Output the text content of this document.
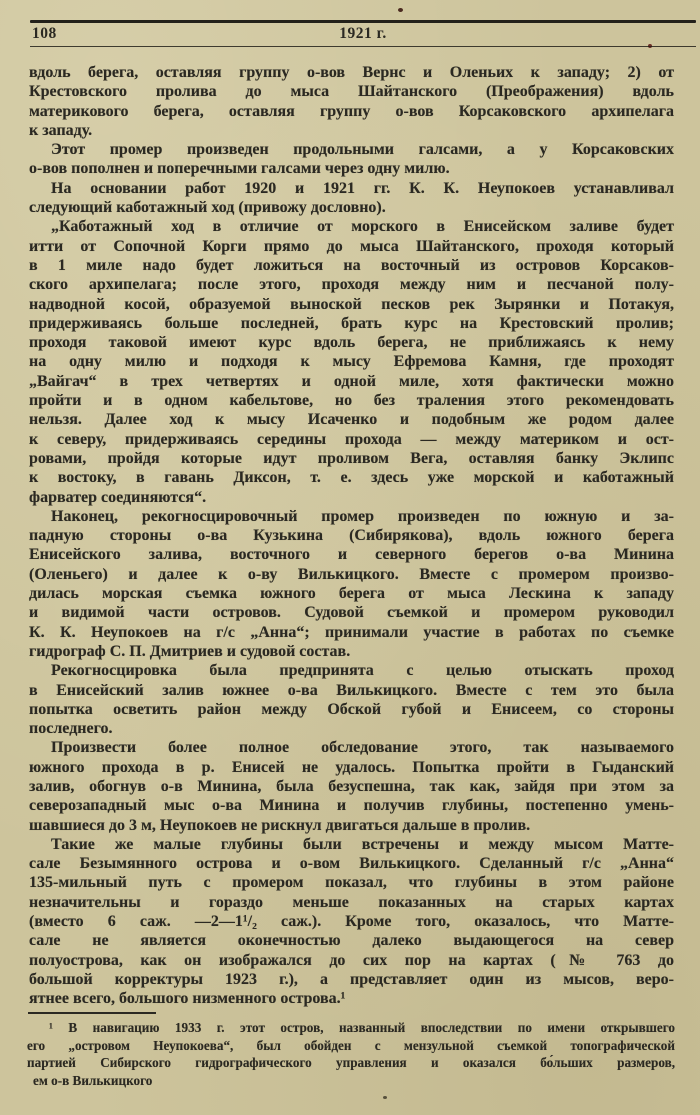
108	1921 г.
вдоль берега, оставляя группу о-вов Вернс и Оленьих к западу; 2) от
Крестовского пролива до мыса Шайтанского (Преображения) вдоль
материкового берега, оставляя группу о-вов Корсаковского архипелага
к западу.
Этот промер произведен продольными галсами, а у Корсаковских
о-вов пополнен и поперечными галсами через одну милю.
На основании работ 1920 и 1921 гг. К. К. Неупокоев устанавливал
следующий каботажный ход (привожу дословно).
„Каботажный ход в отличие от морского в Енисейском заливе будет
итти от Сопочной Корги прямо до мыса Шайтанского, проходя который
в 1 миле надо будет ложиться на восточный из островов Корсаков-
ского архипелага; после этого, проходя между ним и песчаной полу-
надводной косой, образуемой выноской песков рек Зырянки и Потакуя,
придерживаясь больше последней, брать курс на Крестовский пролив;
проходя таковой имеют курс вдоль берега, не приближаясь к нему
на одну милю и подходя к мысу Ефремова Камня, где проходят
„Вайгач“ в трех четвертях и одной миле, хотя фактически можно
пройти и в одном кабельтове, но без траления этого рекомендовать
нельзя. Далее ход к мысу Исаченко и подобным же родом далее
к северу, придерживаясь середины прохода — между материком и ост-
ровами, пройдя которые идут проливом Вега, оставляя банку Эклипс
к востоку, в гавань Диксон, т. е. здесь уже морской и каботажный
фарватер соединяются“.
Наконец, рекогносцировочный промер произведен по южную и за-
падную стороны о-ва Кузькина (Сибирякова), вдоль южного берега
Енисейского залива, восточного и северного берегов о-ва Минина
(Оленьего) и далее к о-ву Вилькицкого. Вместе с промером произво-
дилась морская съемка южного берега от мыса Лескина к западу
и видимой части островов. Судовой съемкой и промером руководил
К. К. Неупокоев на г/с „Анна“; принимали участие в работах по съемке
гидрограф С. П. Дмитриев и судовой состав.
Рекогносцировка была предпринята с целью отыскать проход
в Енисейский залив южнее о-ва Вилькицкого. Вместе с тем это была
попытка осветить район между Обской губой и Енисеем, со стороны
последнего.
Произвести более полное обследование этого, так называемого
южного прохода в р. Енисей не удалось. Попытка пройти в Гыданский
залив, обогнув о-в Минина, была безуспешна, так как, зайдя при этом за
северозападный мыс о-ва Минина и получив глубины, постепенно умень-
шавшиеся до 3 м, Неупокоев не рискнул двигаться дальше в пролив.
Такие же малые глубины были встречены и между мысом Матте-
сале Безымянного острова и о-вом Вилькицкого. Сделанный г/с „Анна“
135-мильный путь с промером показал, что глубины в этом районе
незначительны и гораздо меньше показанных на старых картах
(вместо 6 саж. —2—1¹/₂ саж.). Кроме того, оказалось, что Матте-
сале не является оконечностью далеко выдающегося на север
полуострова, как он изображался до сих пор на картах (№ 763 до
большой корректуры 1923 г.), а представляет один из мысов, веро-
ятнее всего, большого низменного острова.¹
¹ В навигацию 1933 г. этот остров, названный впоследствии по имени открывшего
его „островом Неупокоева“, был обойден с мензульной съемкой топографической
партией Сибирского гидрографического управления и оказался бо́льших размеров,
ем о-в Вилькицкого
